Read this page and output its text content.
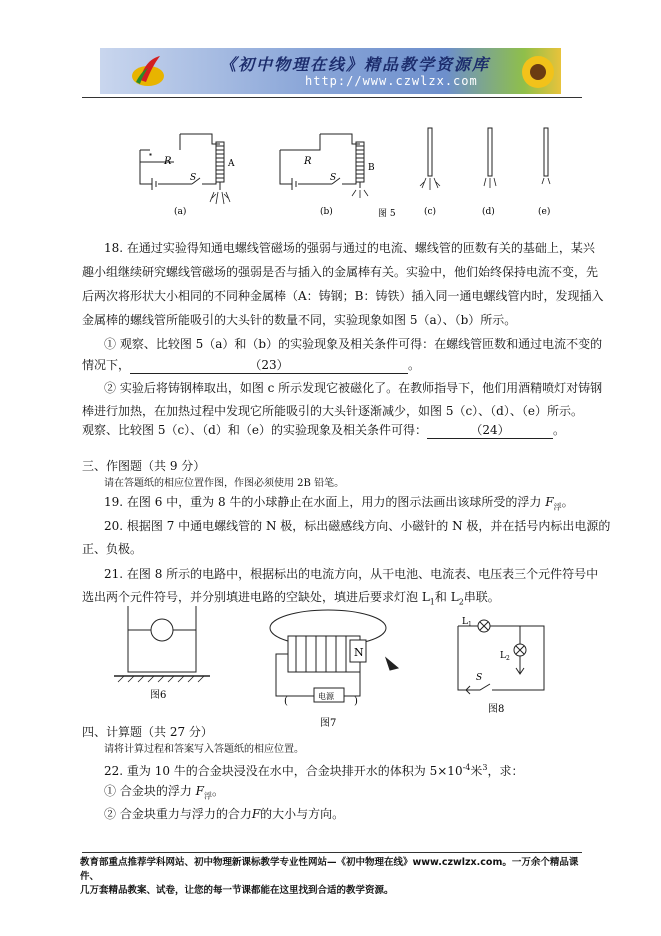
《初中物理在线》精品教学资源库
http://www.czwlzx.com
R
S
A	R
S
B
(a)	(b)	图 5	(c)	(d)	(e)
18. 在通过实验得知通电螺线管磁场的强弱与通过的电流、螺线管的匝数有关的基础上，某兴
趣小组继续研究螺线管磁场的强弱是否与插入的金属棒有关。实验中，他们始终保持电流不变，先
后两次将形状大小相同的不同种金属棒（A：铸钢；B：铸铁）插入同一通电螺线管内时，发现插入
金属棒的螺线管所能吸引的大头针的数量不同，实验现象如图 5（a）、（b）所示。
① 观察、比较图 5（a）和（b）的实验现象及相关条件可得：在螺线管匝数和通过电流不变的
情况下，	（23）	。
② 实验后将铸钢棒取出，如图 c 所示发现它被磁化了。在教师指导下，他们用酒精喷灯对铸钢
棒进行加热，在加热过程中发现它所能吸引的大头针逐渐减少，如图 5（c）、（d）、（e）所示。
观察、比较图 5（c）、（d）和（e）的实验现象及相关条件可得：	（24）	。
三、作图题（共 9 分）
请在答题纸的相应位置作图，作图必须使用 2B 铅笔。
19. 在图 6 中，重为 8 牛的小球静止在水面上，用力的图示法画出该球所受的浮力 $F_浮$。
20. 根据图 7 中通电螺线管的 N 极，标出磁感线方向、小磁针的 N 极，并在括号内标出电源的
正、负极。
21. 在图 8 所示的电路中，根据标出的电流方向，从干电池、电流表、电压表三个元件符号中
选出两个元件符号，并分别填进电路的空缺处，填进后要求灯泡 $L_1$和 $L_2$串联。
图6
N
电源
(	)
图7
$L_1$
$L_2$
S
图8
四、计算题（共 27 分）
请将计算过程和答案写入答题纸的相应位置。
22. 重为 10 牛的合金块浸没在水中，合金块排开水的体积为 $5\times 10^{-4}$米$^3$，求：
① 合金块的浮力 $F_浮$。
② 合金块重力与浮力的合力F的大小与方向。
教育部重点推荐学科网站、初中物理新课标教学专业性网站—《初中物理在线》www.czwlzx.com。一万余个精品课件、
几万套精品教案、试卷，让您的每一节课都能在这里找到合适的教学资源。
